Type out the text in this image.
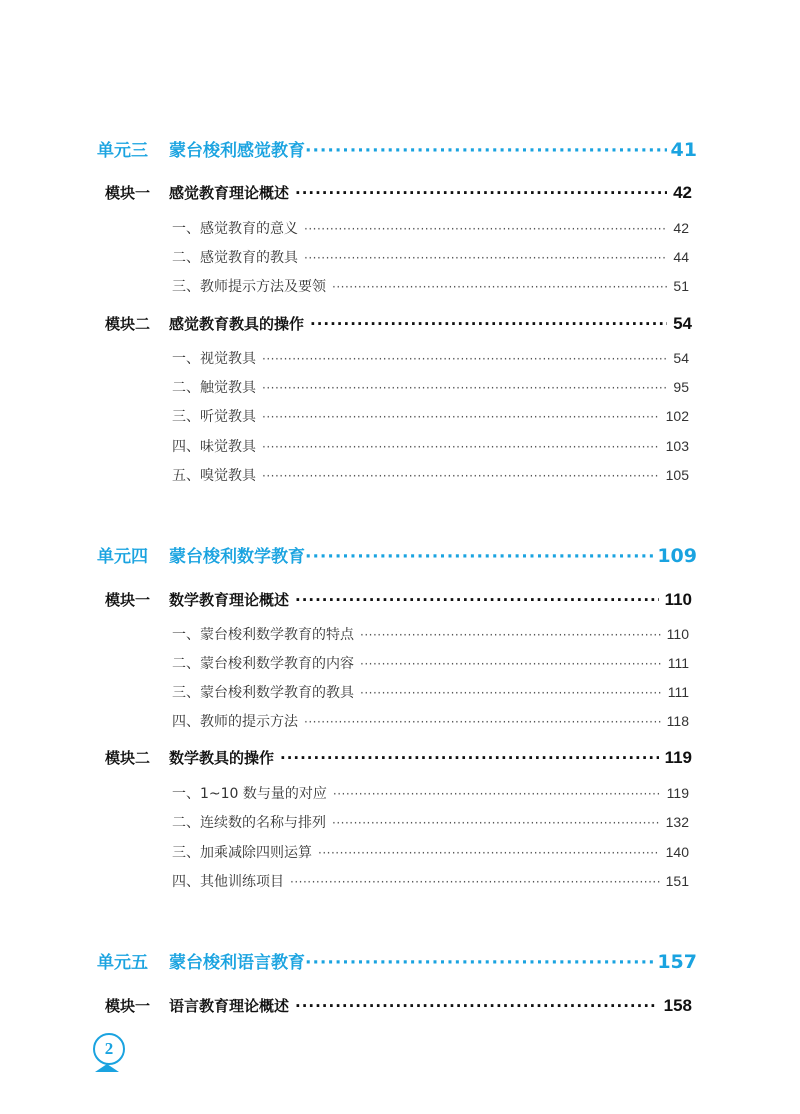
单元三	蒙台梭利感觉教育 ·····	41
模块一	感觉教育理论概述 ·····	42
一、感觉教育的意义 ·····	42
二、感觉教育的教具 ·····	44
三、教师提示方法及要领 ·····	51
模块二	感觉教育教具的操作 ·····	54
一、视觉教具 ·····	54
二、触觉教具 ·····	95
三、听觉教具 ·····	102
四、味觉教具 ·····	103
五、嗅觉教具 ·····	105
单元四	蒙台梭利数学教育 ·····	109
模块一	数学教育理论概述 ·····	110
一、蒙台梭利数学教育的特点 ·····	110
二、蒙台梭利数学教育的内容 ·····	111
三、蒙台梭利数学教育的教具 ·····	111
四、教师的提示方法 ·····	118
模块二	数学教具的操作 ·····	119
一、1~10 数与量的对应 ·····	119
二、连续数的名称与排列 ·····	132
三、加乘减除四则运算 ·····	140
四、其他训练项目 ·····	151
单元五	蒙台梭利语言教育 ·····	157
模块一	语言教育理论概述 ·····	158
2
